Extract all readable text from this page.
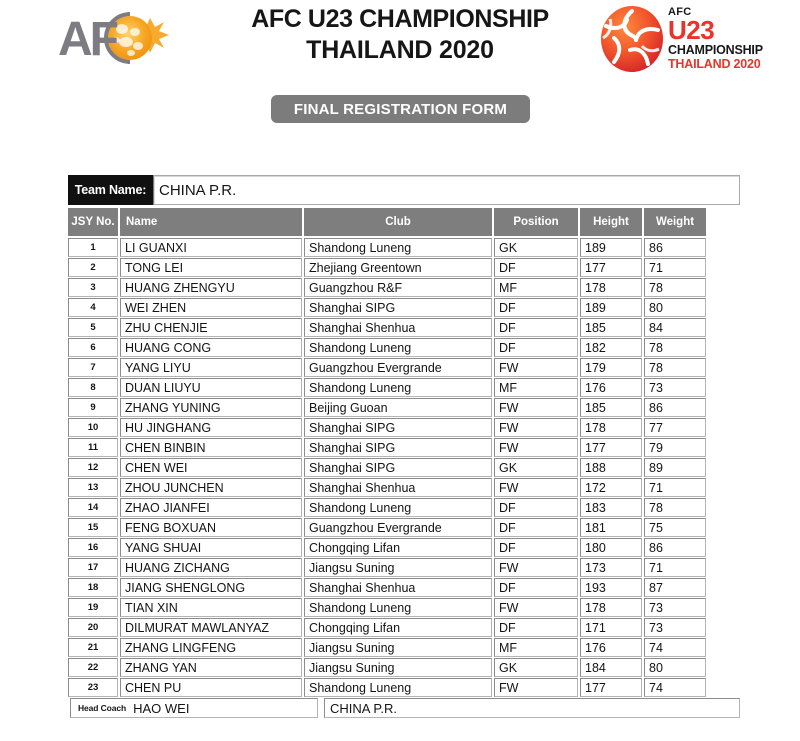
AF	AFC U23 CHAMPIONSHIP
THAILAND 2020
AFC
U23
CHAMPIONSHIP
THAILAND 2020
FINAL REGISTRATION FORM
Team Name: CHINA P.R.
JSY No. Name	Club	Position	Height	Weight
1	LI GUANXI	Shandong Luneng	GK	189	86
2	TONG LEI	Zhejiang Greentown	DF	177	71
3	HUANG ZHENGYU	Guangzhou R&F	MF	178	78
4	WEI ZHEN	Shanghai SIPG	DF	189	80
5	ZHU CHENJIE	Shanghai Shenhua	DF	185	84
6	HUANG CONG	Shandong Luneng	DF	182	78
7	YANG LIYU	Guangzhou Evergrande	FW	179	78
8	DUAN LIUYU	Shandong Luneng	MF	176	73
9	ZHANG YUNING	Beijing Guoan	FW	185	86
10	HU JINGHANG	Shanghai SIPG	FW	178	77
11	CHEN BINBIN	Shanghai SIPG	FW	177	79
12	CHEN WEI	Shanghai SIPG	GK	188	89
13	ZHOU JUNCHEN	Shanghai Shenhua	FW	172	71
14	ZHAO JIANFEI	Shandong Luneng	DF	183	78
15	FENG BOXUAN	Guangzhou Evergrande	DF	181	75
16	YANG SHUAI	Chongqing Lifan	DF	180	86
17	HUANG ZICHANG	Jiangsu Suning	FW	173	71
18	JIANG SHENGLONG	Shanghai Shenhua	DF	193	87
19	TIAN XIN	Shandong Luneng	FW	178	73
20	DILMURAT MAWLANYAZ	Chongqing Lifan	DF	171	73
21	ZHANG LINGFENG	Jiangsu Suning	MF	176	74
22	ZHANG YAN	Jiangsu Suning	GK	184	80
23	CHEN PU	Shandong Luneng	FW	177	74
Head Coach HAO WEI	CHINA P.R.
